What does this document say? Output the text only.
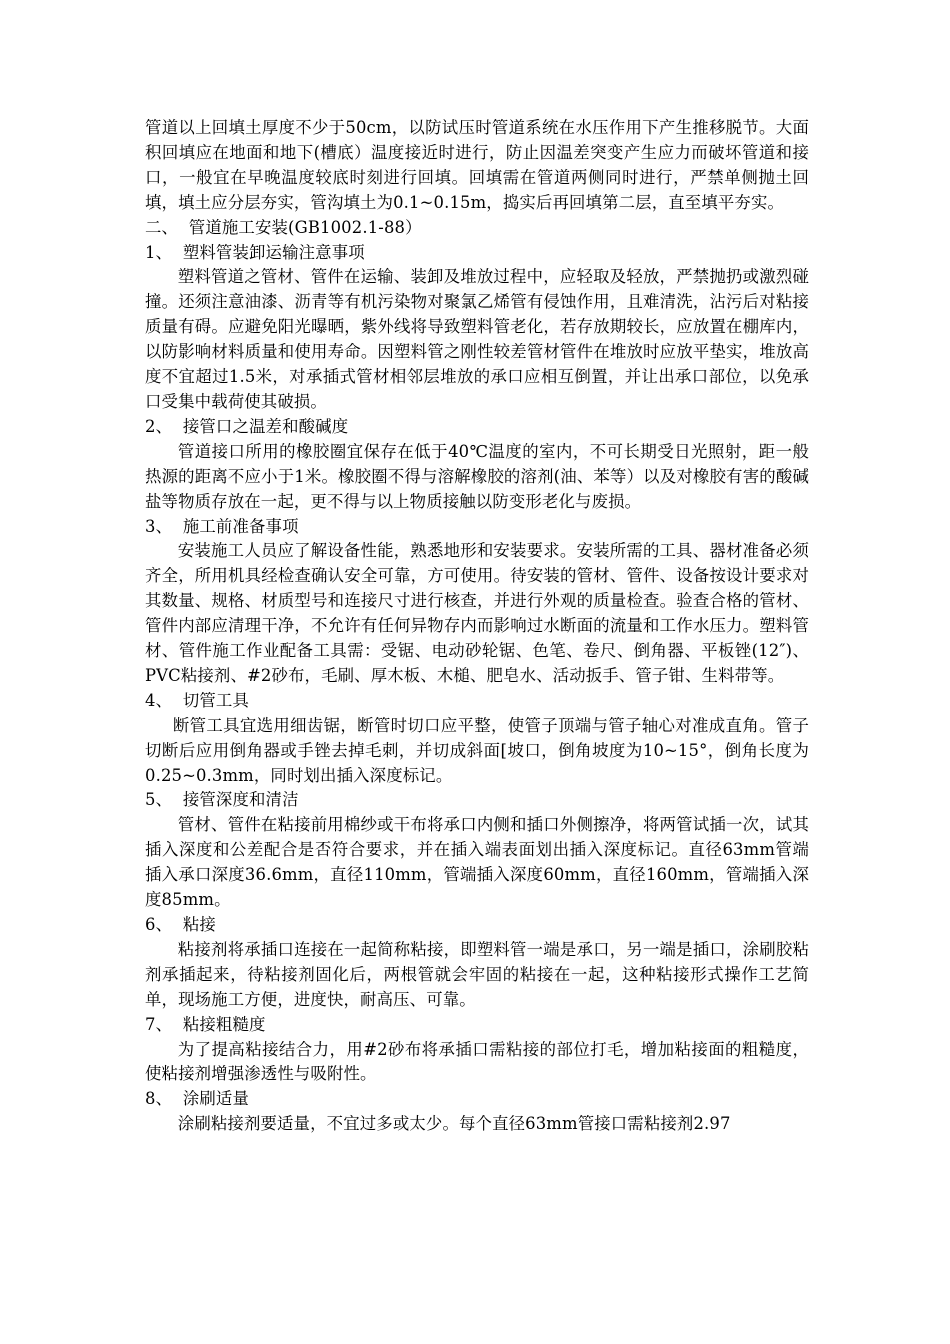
管道以上回填土厚度不少于50cm，以防试压时管道系统在水压作用下产生推移脱节。大面积回填应在地面和地下(槽底）温度接近时进行，防止因温差突变产生应力而破坏管道和接口，一般宜在早晚温度较底时刻进行回填。回填需在管道两侧同时进行，严禁单侧抛土回填，填土应分层夯实，管沟填土为0.1~0.15m，捣实后再回填第二层，直至填平夯实。

二、  管道施工安装(GB1002.1-88）

1、  塑料管装卸运输注意事项

塑料管道之管材、管件在运输、装卸及堆放过程中，应轻取及轻放，严禁抛扔或激烈碰撞。还须注意油漆、沥青等有机污染物对聚氯乙烯管有侵蚀作用，且难清洗，沾污后对粘接质量有碍。应避免阳光曝晒，紫外线将导致塑料管老化，若存放期较长，应放置在棚库内，以防影响材料质量和使用寿命。因塑料管之刚性较差管材管件在堆放时应放平垫实，堆放高度不宜超过1.5米，对承插式管材相邻层堆放的承口应相互倒置，并让出承口部位，以免承口受集中载荷使其破损。

2、  接管口之温差和酸碱度

管道接口所用的橡胶圈宜保存在低于40℃温度的室内，不可长期受日光照射，距一般热源的距离不应小于1米。橡胶圈不得与溶解橡胶的溶剂(油、苯等）以及对橡胶有害的酸碱盐等物质存放在一起，更不得与以上物质接触以防变形老化与废损。

3、  施工前准备事项

安装施工人员应了解设备性能，熟悉地形和安装要求。安装所需的工具、器材准备必须齐全，所用机具经检查确认安全可靠，方可使用。待安装的管材、管件、设备按设计要求对其数量、规格、材质型号和连接尺寸进行核查，并进行外观的质量检查。验查合格的管材、管件内部应清理干净，不允许有任何异物存内而影响过水断面的流量和工作水压力。塑料管材、管件施工作业配备工具需：受锯、电动砂轮锯、色笔、卷尺、倒角器、平板锉(12″)、PVC粘接剂、#2砂布，毛刷、厚木板、木槌、肥皂水、活动扳手、管子钳、生料带等。

4、  切管工具

断管工具宜选用细齿锯，断管时切口应平整，使管子顶端与管子轴心对准成直角。管子切断后应用倒角器或手锉去掉毛刺，并切成斜面[坡口，倒角坡度为10~15°，倒角长度为0.25~0.3mm，同时划出插入深度标记。

5、  接管深度和清洁

管材、管件在粘接前用棉纱或干布将承口内侧和插口外侧擦净，将两管试插一次，试其插入深度和公差配合是否符合要求，并在插入端表面划出插入深度标记。直径63mm管端插入承口深度36.6mm，直径110mm，管端插入深度60mm，直径160mm，管端插入深度85mm。

6、  粘接

粘接剂将承插口连接在一起简称粘接，即塑料管一端是承口，另一端是插口，涂刷胶粘剂承插起来，待粘接剂固化后，两根管就会牢固的粘接在一起，这种粘接形式操作工艺简单，现场施工方便，进度快，耐高压、可靠。

7、  粘接粗糙度

为了提高粘接结合力，用#2砂布将承插口需粘接的部位打毛，增加粘接面的粗糙度，使粘接剂增强渗透性与吸附性。

8、  涂刷适量

涂刷粘接剂要适量，不宜过多或太少。每个直径63mm管接口需粘接剂2.97
